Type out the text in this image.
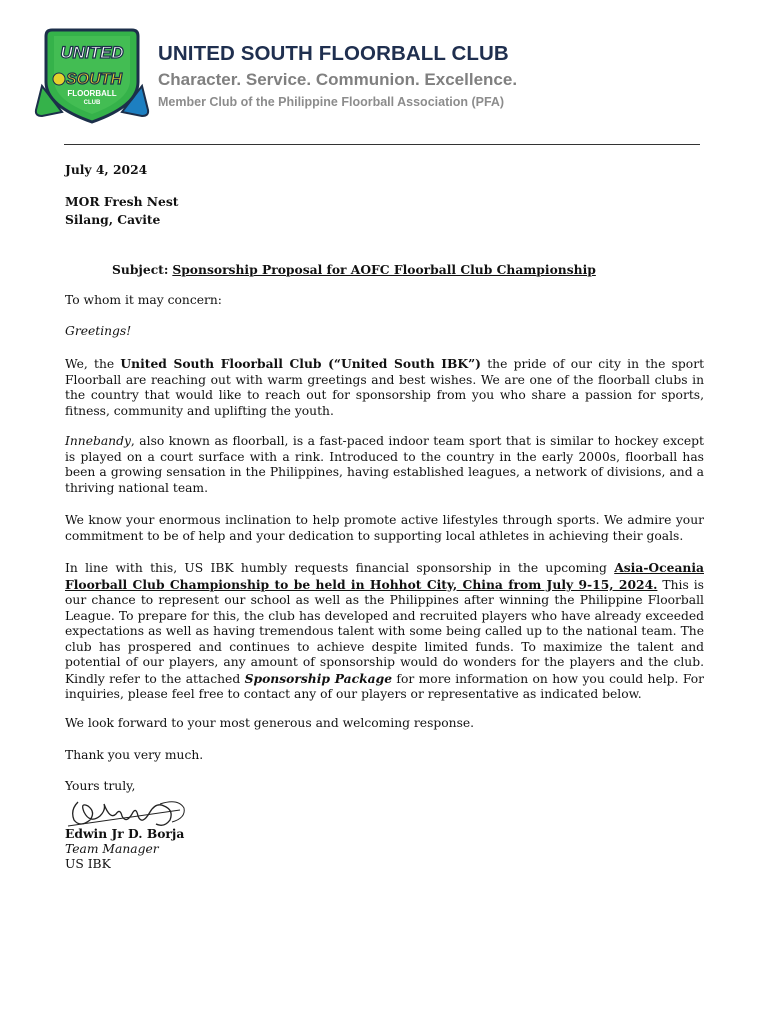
UNITED
SOUTH
FLOORBALL
CLUB
UNITED SOUTH FLOORBALL CLUB
Character. Service. Communion. Excellence.
Member Club of the Philippine Floorball Association (PFA)
July 4, 2024
MOR Fresh Nest
Silang, Cavite
Subject: Sponsorship Proposal for AOFC Floorball Club Championship
To whom it may concern:
Greetings!

We, the United South Floorball Club (“United South IBK”) the pride of our city in the sport Floorball are reaching out with warm greetings and best wishes. We are one of the floorball clubs in the country that would like to reach out for sponsorship from you who share a passion for sports, fitness, community and uplifting the youth.

Innebandy, also known as floorball, is a fast-paced indoor team sport that is similar to hockey except is played on a court surface with a rink. Introduced to the country in the early 2000s, floorball has been a growing sensation in the Philippines, having established leagues, a network of divisions, and a thriving national team.

We know your enormous inclination to help promote active lifestyles through sports. We admire your commitment to be of help and your dedication to supporting local athletes in achieving their goals.

In line with this, US IBK humbly requests financial sponsorship in the upcoming Asia-Oceania Floorball Club Championship to be held in Hohhot City, China from July 9-15, 2024. This is our chance to represent our school as well as the Philippines after winning the Philippine Floorball League. To prepare for this, the club has developed and recruited players who have already exceeded expectations as well as having tremendous talent with some being called up to the national team. The club has prospered and continues to achieve despite limited funds. To maximize the talent and potential of our players, any amount of sponsorship would do wonders for the players and the club. Kindly refer to the attached Sponsorship Package for more information on how you could help. For inquiries, please feel free to contact any of our players or representative as indicated below.

We look forward to your most generous and welcoming response.
Thank you very much.
Yours truly,
Edwin Jr D. Borja
Team Manager
US IBK
